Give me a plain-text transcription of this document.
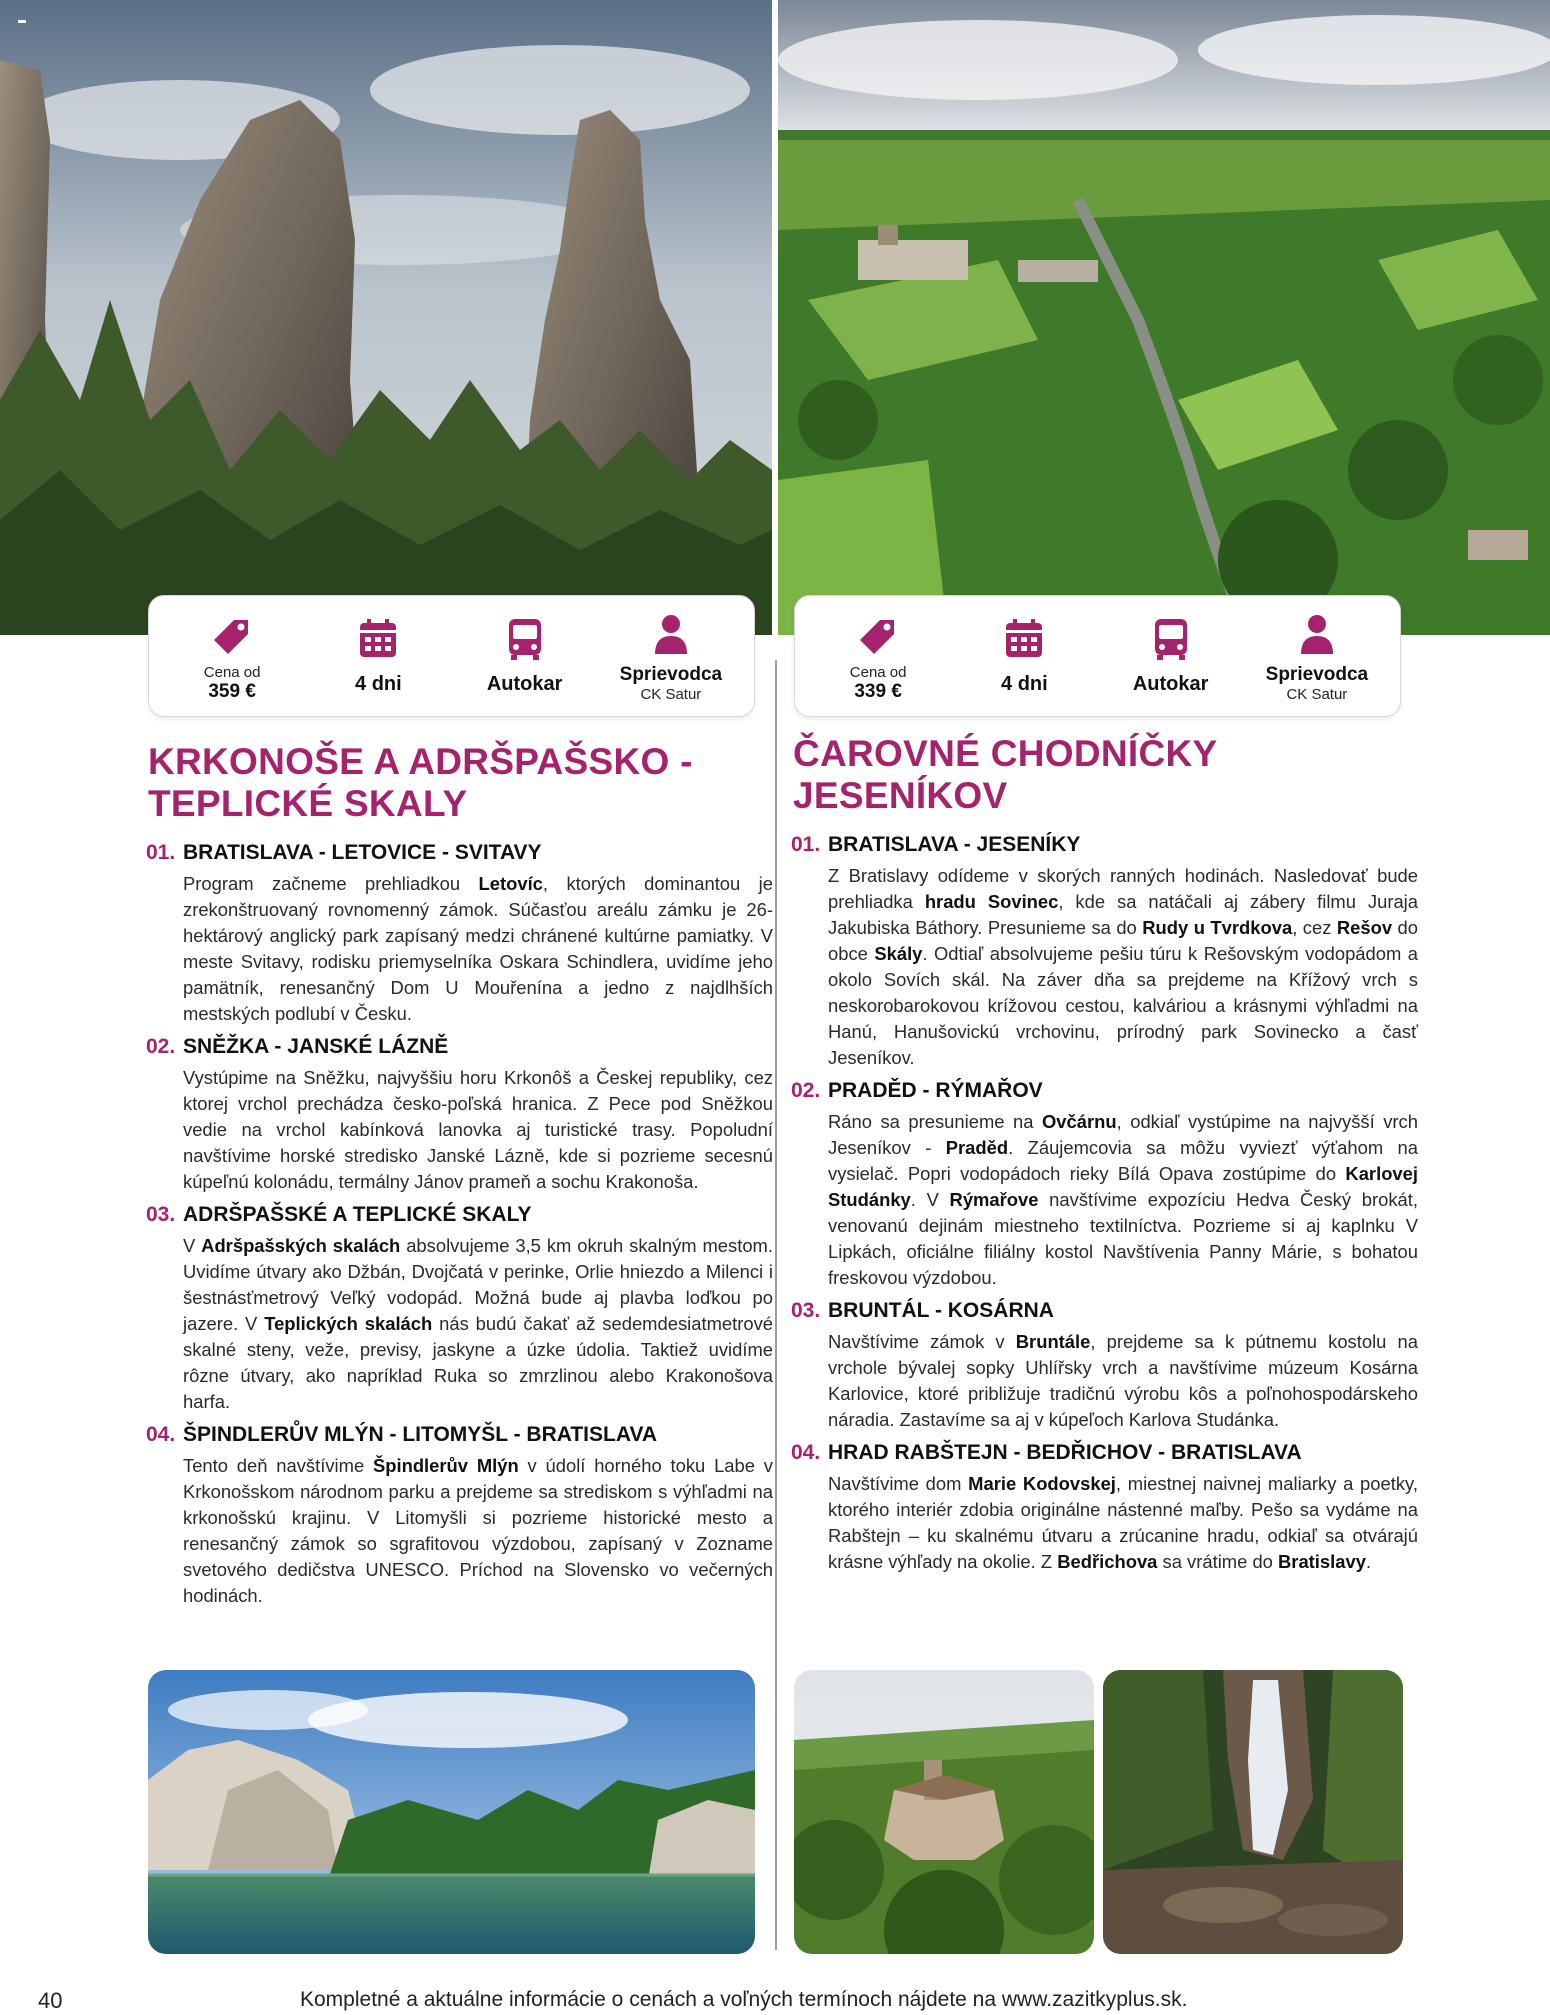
Cena od
359 €	4 dni	Autokar	Sprievodca
CK Satur
Cena od
339 €	4 dni	Autokar	Sprievodca
CK Satur
KRKONOŠE A ADRŠPAŠSKO -
TEPLICKÉ SKALY
01. BRATISLAVA - LETOVICE - SVITAVY

Program začneme prehliadkou Letovíc, ktorých dominantou je zrekonštruovaný rovnomenný zámok. Súčasťou areálu zámku je 26-hektárový anglický park zapísaný medzi chránené kultúrne pamiatky. V meste Svitavy, rodisku priemyselníka Oskara Schindlera, uvidíme jeho pamätník, renesančný Dom U Mouřenína a jedno z najdlhších mestských podlubí v Česku.

02. SNĚŽKA - JANSKÉ LÁZNĚ

Vystúpime na Sněžku, najvyššiu horu Krkonôš a Českej republiky, cez ktorej vrchol prechádza česko-poľská hranica. Z Pece pod Sněžkou vedie na vrchol kabínková lanovka aj turistické trasy. Popoludní navštívime horské stredisko Janské Lázně, kde si pozrieme secesnú kúpeľnú kolonádu, termálny Jánov prameň a sochu Krakonoša.

03. ADRŠPAŠSKÉ A TEPLICKÉ SKALY

V Adršpašských skalách absolvujeme 3,5 km okruh skalným mestom. Uvidíme útvary ako Džbán, Dvojčatá v perinke, Orlie hniezdo a Milenci i šestnásťmetrový Veľký vodopád. Možná bude aj plavba loďkou po jazere. V Teplických skalách nás budú čakať až sedemdesiatmetrové skalné steny, veže, previsy, jaskyne a úzke údolia. Taktiež uvidíme rôzne útvary, ako napríklad Ruka so zmrzlinou alebo Krakonošova harfa.

04. ŠPINDLERŮV MLÝN - LITOMYŠL - BRATISLAVA

Tento deň navštívime Špindlerův Mlýn v údolí horného toku Labe v Krkonošskom národnom parku a prejdeme sa strediskom s výhľadmi na krkonošskú krajinu. V Litomyšli si pozrieme historické mesto a renesančný zámok so sgrafitovou výzdobou, zapísaný v Zozname svetového dedičstva UNESCO. Príchod na Slovensko vo večerných hodinách.

ČAROVNÉ CHODNÍČKY
JESENÍKOV
01. BRATISLAVA - JESENÍKY

Z Bratislavy odídeme v skorých ranných hodinách. Nasledovať bude prehliadka hradu Sovinec, kde sa natáčali aj zábery filmu Juraja Jakubiska Báthory. Presunieme sa do Rudy u Tvrdkova, cez Rešov do obce Skály. Odtiaľ absolvujeme pešiu túru k Rešovským vodopádom a okolo Sovích skál. Na záver dňa sa prejdeme na Křížový vrch s neskorobarokovou krížovou cestou, kalváriou a krásnymi výhľadmi na Hanú, Hanušovickú vrchovinu, prírodný park Sovinecko a časť Jeseníkov.

02. PRADĚD - RÝMAŘOV

Ráno sa presunieme na Ovčárnu, odkiaľ vystúpime na najvyšší vrch Jeseníkov - Praděd. Záujemcovia sa môžu vyviezť výťahom na vysielač. Popri vodopádoch rieky Bílá Opava zostúpime do Karlovej Studánky. V Rýmařove navštívime expozíciu Hedva Český brokát, venovanú dejinám miestneho textilníctva. Pozrieme si aj kaplnku V Lipkách, oficiálne filiálny kostol Navštívenia Panny Márie, s bohatou freskovou výzdobou.

03. BRUNTÁL - KOSÁRNA

Navštívime zámok v Bruntále, prejdeme sa k pútnemu kostolu na vrchole bývalej sopky Uhlířsky vrch a navštívime múzeum Kosárna Karlovice, ktoré približuje tradičnú výrobu kôs a poľnohospodárskeho náradia. Zastavíme sa aj v kúpeľoch Karlova Studánka.

04. HRAD RABŠTEJN - BEDŘICHOV - BRATISLAVA

Navštívime dom Marie Kodovskej, miestnej naivnej maliarky a poetky, ktorého interiér zdobia originálne nástenné maľby. Pešo sa vydáme na Rabštejn – ku skalnému útvaru a zrúcanine hradu, odkiaľ sa otvárajú krásne výhľady na okolie. Z Bedřichova sa vrátime do Bratislavy.

40	Kompletné a aktuálne informácie o cenách a voľných termínoch nájdete na www.zazitkyplus.sk.
